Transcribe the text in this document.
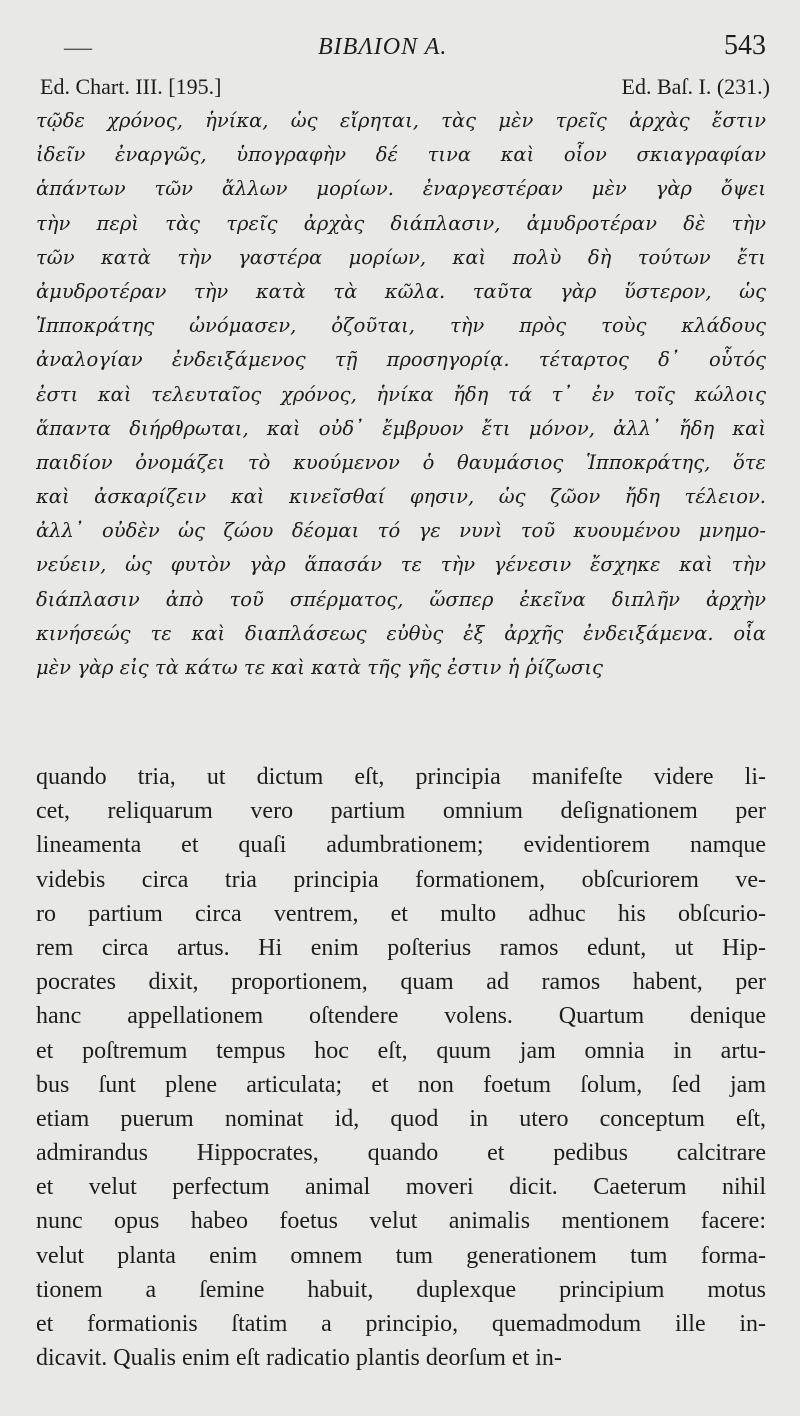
—	ΒΙΒΛΙΟΝ Α.	543
Ed. Chart. III. [195.]	Ed. Baſ. I. (231.)
τῷδε χρόνος, ἡνίκα, ὡς εἴρηται, τὰς μὲν τρεῖς ἀρχὰς ἔστιν
ἰδεῖν ἐναργῶς, ὑπογραφὴν δέ τινα καὶ οἷον σκιαγραφίαν
ἁπάντων τῶν ἄλλων μορίων. ἐναργεστέραν μὲν γὰρ ὄψει
τὴν περὶ τὰς τρεῖς ἀρχὰς διάπλασιν, ἀμυδροτέραν δὲ τὴν
τῶν κατὰ τὴν γαστέρα μορίων, καὶ πολὺ δὴ τούτων ἔτι
ἀμυδροτέραν τὴν κατὰ τὰ κῶλα. ταῦτα γὰρ ὕστερον, ὡς
Ἱπποκράτης ὠνόμασεν, ὀζοῦται, τὴν πρὸς τοὺς κλάδους
ἀναλογίαν ἐνδειξάμενος τῇ προσηγορίᾳ. τέταρτος δ᾽ οὗτός
ἐστι καὶ τελευταῖος χρόνος, ἡνίκα ἤδη τά τ᾽ ἐν τοῖς κώλοις
ἅπαντα διήρθρωται, καὶ οὐδ᾽ ἔμβρυον ἔτι μόνον, ἀλλ᾽ ἤδη καὶ
παιδίον ὀνομάζει τὸ κυούμενον ὁ θαυμάσιος Ἱπποκράτης, ὅτε
καὶ ἀσκαρίζειν καὶ κινεῖσθαί φησιν, ὡς ζῶον ἤδη τέλειον.
ἀλλ᾽ οὐδὲν ὡς ζώου δέομαι τό γε νυνὶ τοῦ κυουμένου μνημο-
νεύειν, ὡς φυτὸν γὰρ ἅπασάν τε τὴν γένεσιν ἔσχηκε καὶ τὴν
διάπλασιν ἀπὸ τοῦ σπέρματος, ὥσπερ ἐκεῖνα διπλῆν ἀρχὴν
κινήσεώς τε καὶ διαπλάσεως εὐθὺς ἐξ ἀρχῆς ἐνδειξάμενα. οἷα
μὲν γὰρ εἰς τὰ κάτω τε καὶ κατὰ τῆς γῆς ἐστιν ἡ ῥίζωσις
quando tria, ut dictum eſt, principia manifeſte videre li-
cet, reliquarum vero partium omnium deſignationem per
lineamenta et quaſi adumbrationem; evidentiorem namque
videbis circa tria principia formationem, obſcuriorem ve-
ro partium circa ventrem, et multo adhuc his obſcurio-
rem circa artus. Hi enim poſterius ramos edunt, ut Hip-
pocrates dixit, proportionem, quam ad ramos habent, per
hanc appellationem oſtendere volens. Quartum denique
et poſtremum tempus hoc eſt, quum jam omnia in artu-
bus ſunt plene articulata; et non foetum ſolum, ſed jam
etiam puerum nominat id, quod in utero conceptum eſt,
admirandus Hippocrates, quando et pedibus calcitrare
et velut perfectum animal moveri dicit. Caeterum nihil
nunc opus habeo foetus velut animalis mentionem facere:
velut planta enim omnem tum generationem tum forma-
tionem a ſemine habuit, duplexque principium motus
et formationis ſtatim a principio, quemadmodum ille in-
dicavit. Qualis enim eſt radicatio plantis deorſum et in-
